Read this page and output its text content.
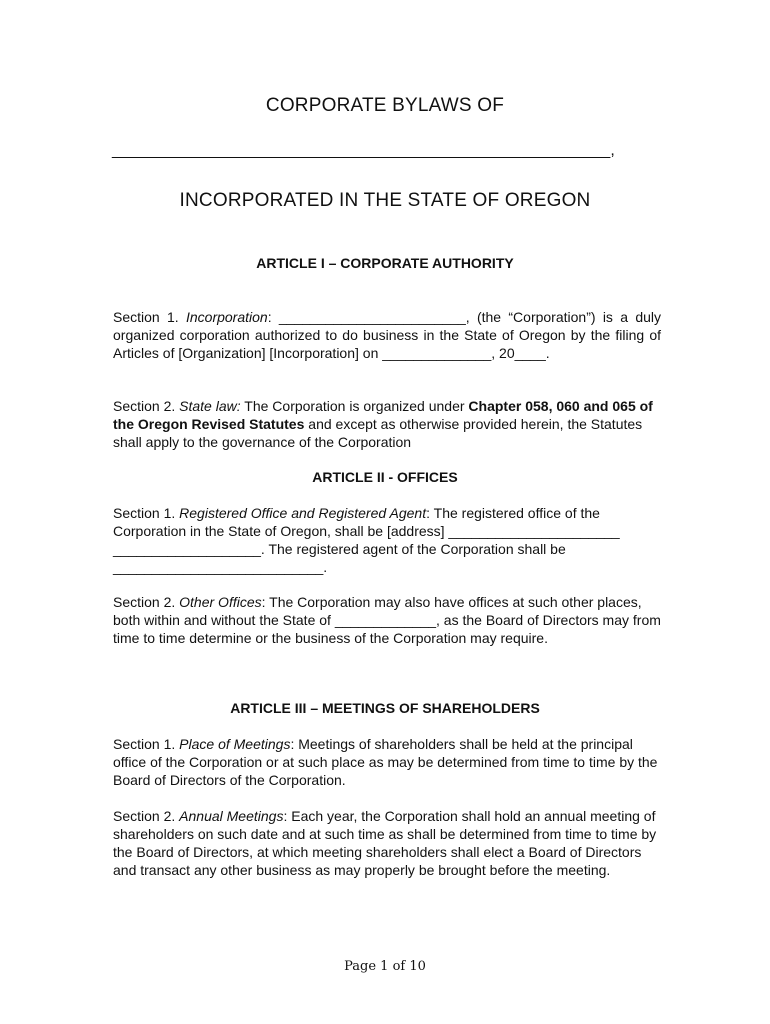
CORPORATE BYLAWS OF
________________________________________________________,
INCORPORATED IN THE STATE OF OREGON
ARTICLE I – CORPORATE AUTHORITY

Section 1. Incorporation: ________________________, (the “Corporation”) is a duly organized corporation authorized to do business in the State of Oregon by the filing of Articles of [Organization] [Incorporation] on ______________, 20____.

Section 2. State law: The Corporation is organized under Chapter 058, 060 and 065 of the Oregon Revised Statutes and except as otherwise provided herein, the Statutes shall apply to the governance of the Corporation

ARTICLE II - OFFICES

Section 1. Registered Office and Registered Agent: The registered office of the Corporation in the State of Oregon, shall be [address] ______________________ ___________________. The registered agent of the Corporation shall be ___________________________.

Section 2. Other Offices: The Corporation may also have offices at such other places, both within and without the State of _____________, as the Board of Directors may from time to time determine or the business of the Corporation may require.

ARTICLE III – MEETINGS OF SHAREHOLDERS

Section 1. Place of Meetings: Meetings of shareholders shall be held at the principal office of the Corporation or at such place as may be determined from time to time by the Board of Directors of the Corporation.

Section 2. Annual Meetings: Each year, the Corporation shall hold an annual meeting of shareholders on such date and at such time as shall be determined from time to time by the Board of Directors, at which meeting shareholders shall elect a Board of Directors and transact any other business as may properly be brought before the meeting.

Page 1 of 10
